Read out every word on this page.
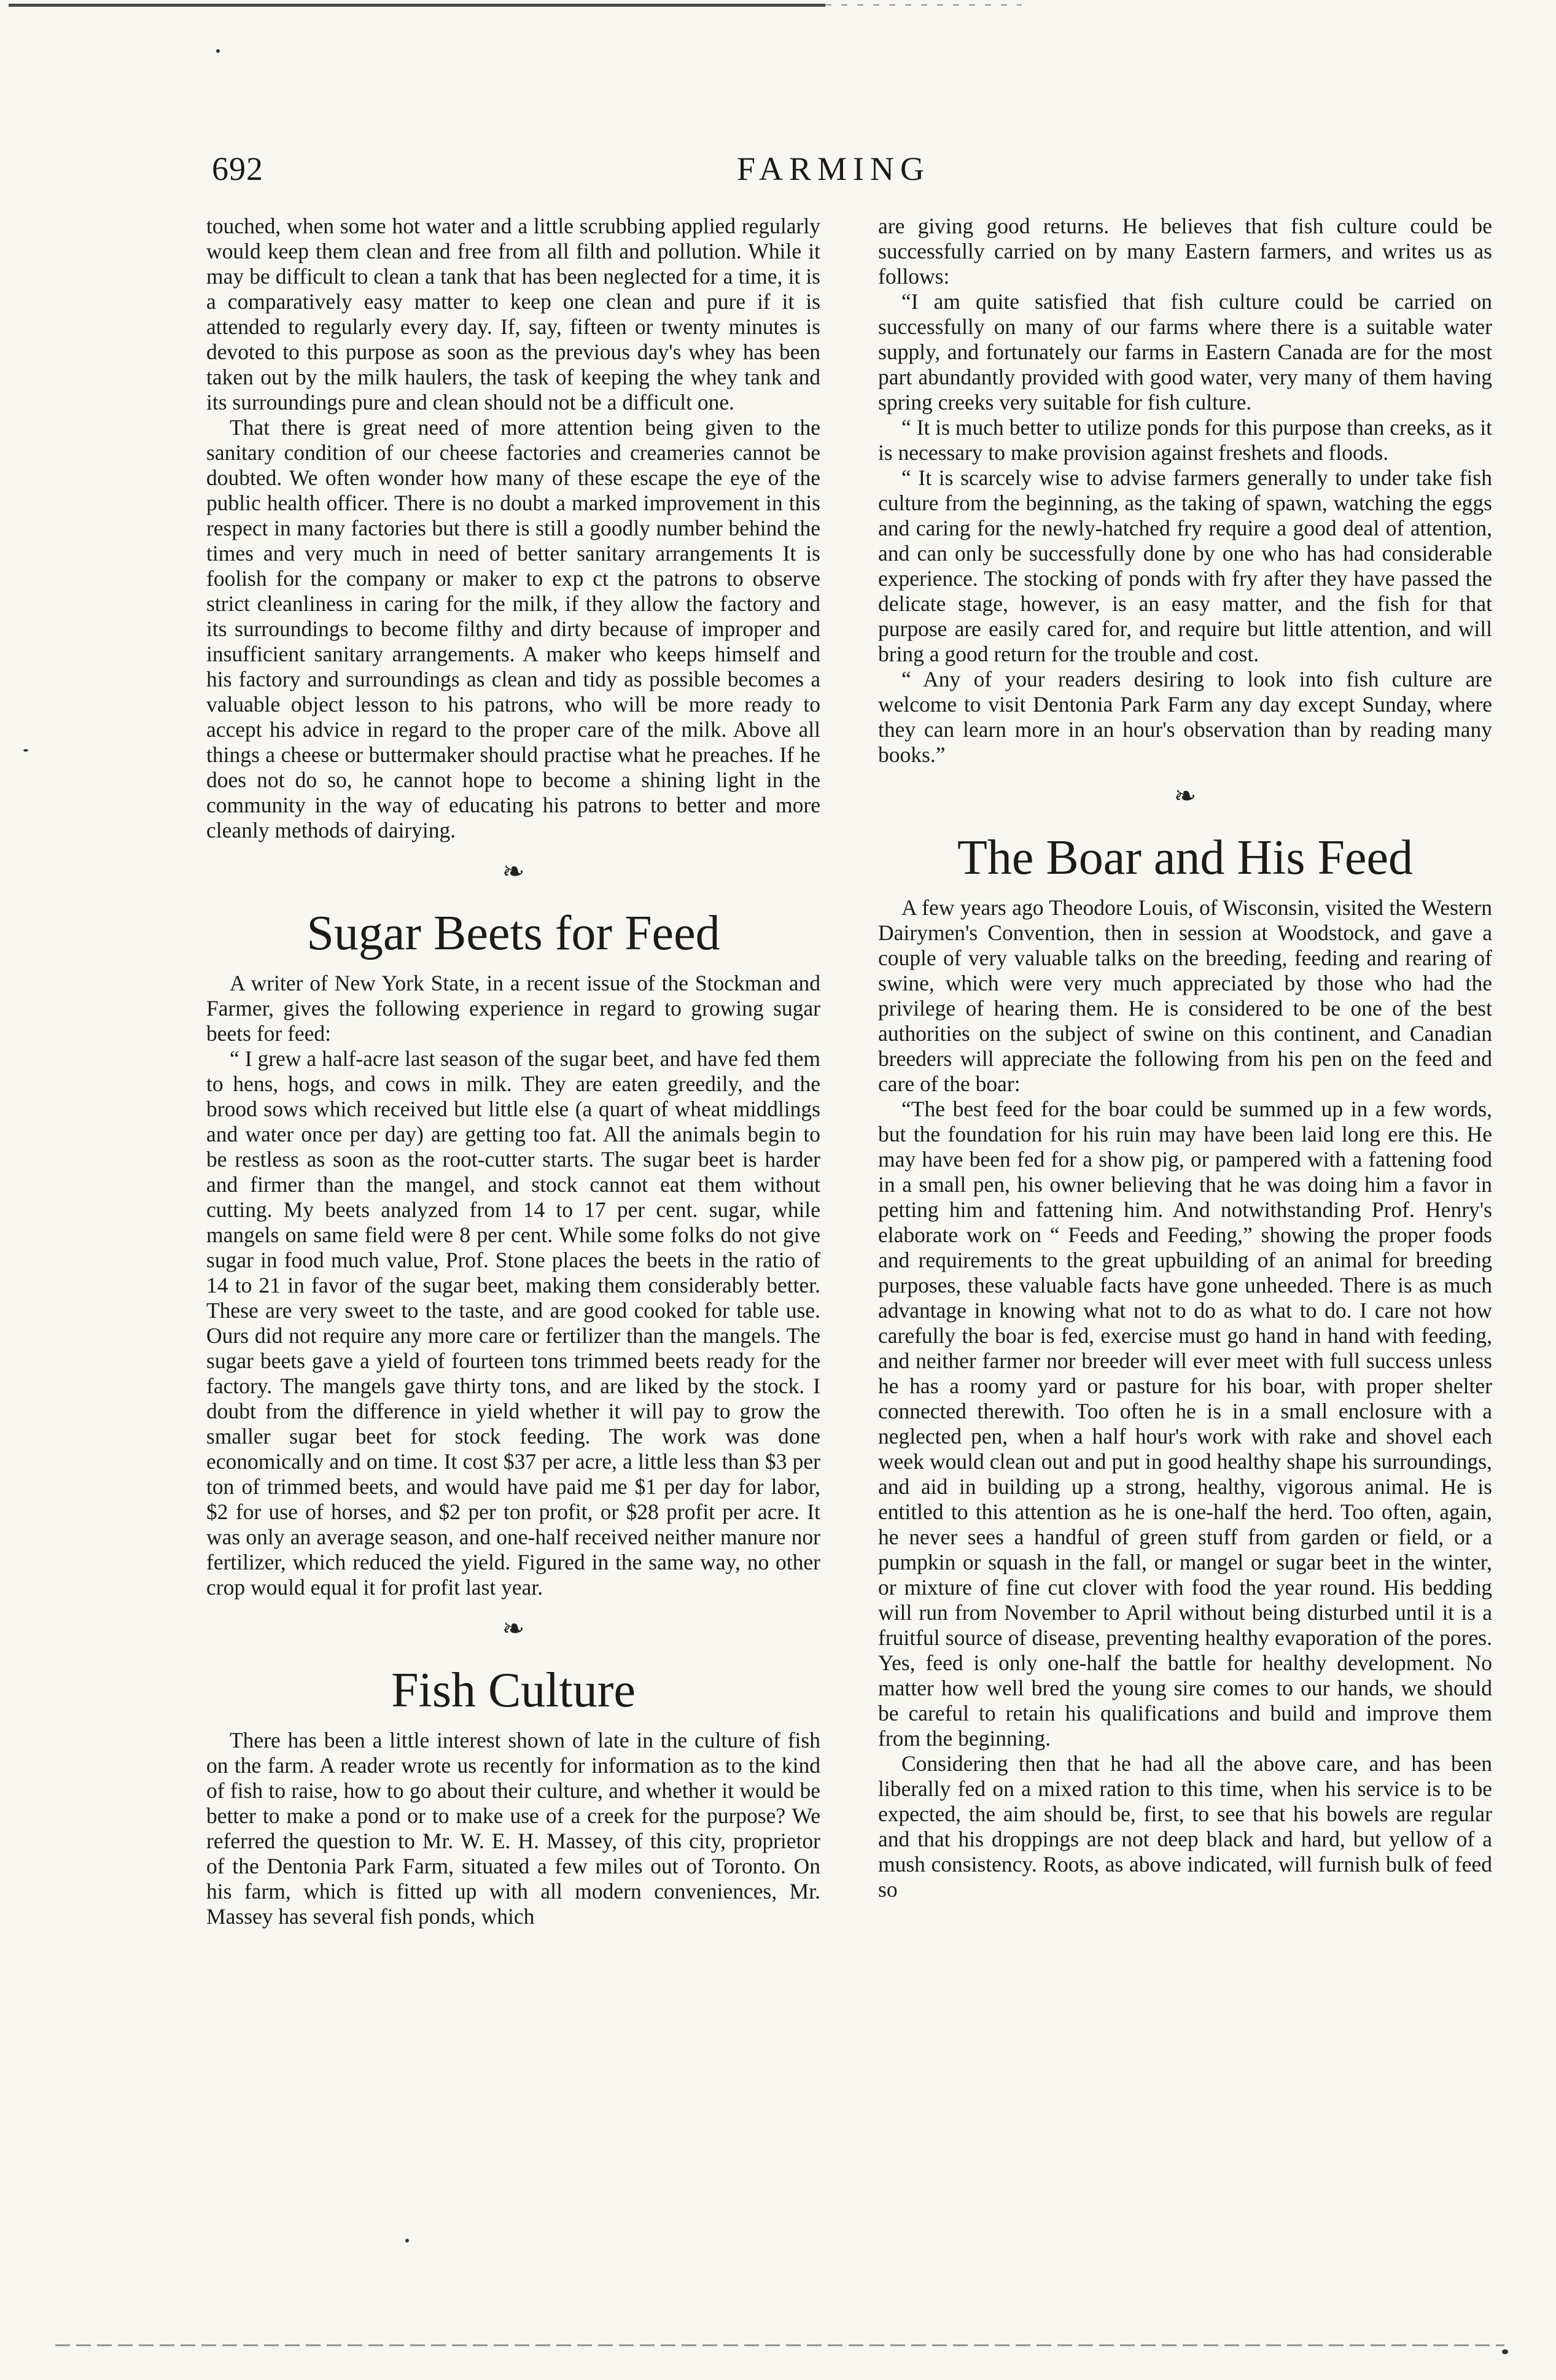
692	FARMING

touched, when some hot water and a little scrubbing applied regularly would keep them clean and free from all filth and pollution. While it may be difficult to clean a tank that has been neglected for a time, it is a comparatively easy matter to keep one clean and pure if it is attended to regularly every day. If, say, fifteen or twenty minutes is devoted to this purpose as soon as the previous day's whey has been taken out by the milk haulers, the task of keeping the whey tank and its surroundings pure and clean should not be a difficult one.

That there is great need of more attention being given to the sanitary condition of our cheese factories and creameries cannot be doubted. We often wonder how many of these escape the eye of the public health officer. There is no doubt a marked improvement in this respect in many factories but there is still a goodly number behind the times and very much in need of better sanitary arrangements It is foolish for the company or maker to exp ct the patrons to observe strict cleanliness in caring for the milk, if they allow the factory and its surroundings to become filthy and dirty because of improper and insufficient sanitary arrangements. A maker who keeps himself and his factory and surroundings as clean and tidy as possible becomes a valuable object lesson to his patrons, who will be more ready to accept his advice in regard to the proper care of the milk. Above all things a cheese or buttermaker should practise what he preaches. If he does not do so, he cannot hope to become a shining light in the community in the way of educating his patrons to better and more cleanly methods of dairying.

❧
Sugar Beets for Feed

A writer of New York State, in a recent issue of the Stockman and Farmer, gives the following experience in regard to growing sugar beets for feed:

“ I grew a half-acre last season of the sugar beet, and have fed them to hens, hogs, and cows in milk. They are eaten greedily, and the brood sows which received but little else (a quart of wheat middlings and water once per day) are getting too fat. All the animals begin to be restless as soon as the root-cutter starts. The sugar beet is harder and firmer than the mangel, and stock cannot eat them without cutting. My beets analyzed from 14 to 17 per cent. sugar, while mangels on same field were 8 per cent. While some folks do not give sugar in food much value, Prof. Stone places the beets in the ratio of 14 to 21 in favor of the sugar beet, making them considerably better. These are very sweet to the taste, and are good cooked for table use. Ours did not require any more care or fertilizer than the mangels. The sugar beets gave a yield of fourteen tons trimmed beets ready for the factory. The mangels gave thirty tons, and are liked by the stock. I doubt from the difference in yield whether it will pay to grow the smaller sugar beet for stock feeding. The work was done economically and on time. It cost $37 per acre, a little less than $3 per ton of trimmed beets, and would have paid me $1 per day for labor, $2 for use of horses, and $2 per ton profit, or $28 profit per acre. It was only an average season, and one-half received neither manure nor fertilizer, which reduced the yield. Figured in the same way, no other crop would equal it for profit last year.

❧
Fish Culture

There has been a little interest shown of late in the culture of fish on the farm. A reader wrote us recently for information as to the kind of fish to raise, how to go about their culture, and whether it would be better to make a pond or to make use of a creek for the purpose? We referred the question to Mr. W. E. H. Massey, of this city, proprietor of the Dentonia Park Farm, situated a few miles out of Toronto. On his farm, which is fitted up with all modern conveniences, Mr. Massey has several fish ponds, which

are giving good returns. He believes that fish culture could be successfully carried on by many Eastern farmers, and writes us as follows:

“I am quite satisfied that fish culture could be carried on successfully on many of our farms where there is a suitable water supply, and fortunately our farms in Eastern Canada are for the most part abundantly provided with good water, very many of them having spring creeks very suitable for fish culture.

“ It is much better to utilize ponds for this purpose than creeks, as it is necessary to make provision against freshets and floods.

“ It is scarcely wise to advise farmers generally to under take fish culture from the beginning, as the taking of spawn, watching the eggs and caring for the newly-hatched fry require a good deal of attention, and can only be successfully done by one who has had considerable experience. The stocking of ponds with fry after they have passed the delicate stage, however, is an easy matter, and the fish for that purpose are easily cared for, and require but little attention, and will bring a good return for the trouble and cost.

“ Any of your readers desiring to look into fish culture are welcome to visit Dentonia Park Farm any day except Sunday, where they can learn more in an hour's observation than by reading many books.”

❧
The Boar and His Feed

A few years ago Theodore Louis, of Wisconsin, visited the Western Dairymen's Convention, then in session at Woodstock, and gave a couple of very valuable talks on the breeding, feeding and rearing of swine, which were very much appreciated by those who had the privilege of hearing them. He is considered to be one of the best authorities on the subject of swine on this continent, and Canadian breeders will appreciate the following from his pen on the feed and care of the boar:

“The best feed for the boar could be summed up in a few words, but the foundation for his ruin may have been laid long ere this. He may have been fed for a show pig, or pampered with a fattening food in a small pen, his owner believing that he was doing him a favor in petting him and fattening him. And notwithstanding Prof. Henry's elaborate work on “ Feeds and Feeding,” showing the proper foods and requirements to the great upbuilding of an animal for breeding purposes, these valuable facts have gone unheeded. There is as much advantage in knowing what not to do as what to do. I care not how carefully the boar is fed, exercise must go hand in hand with feeding, and neither farmer nor breeder will ever meet with full success unless he has a roomy yard or pasture for his boar, with proper shelter connected therewith. Too often he is in a small enclosure with a neglected pen, when a half hour's work with rake and shovel each week would clean out and put in good healthy shape his surroundings, and aid in building up a strong, healthy, vigorous animal. He is entitled to this attention as he is one-half the herd. Too often, again, he never sees a handful of green stuff from garden or field, or a pumpkin or squash in the fall, or mangel or sugar beet in the winter, or mixture of fine cut clover with food the year round. His bedding will run from November to April without being disturbed until it is a fruitful source of disease, preventing healthy evaporation of the pores. Yes, feed is only one-half the battle for healthy development. No matter how well bred the young sire comes to our hands, we should be careful to retain his qualifications and build and improve them from the beginning.

Considering then that he had all the above care, and has been liberally fed on a mixed ration to this time, when his service is to be expected, the aim should be, first, to see that his bowels are regular and that his droppings are not deep black and hard, but yellow of a mush consistency. Roots, as above indicated, will furnish bulk of feed so
